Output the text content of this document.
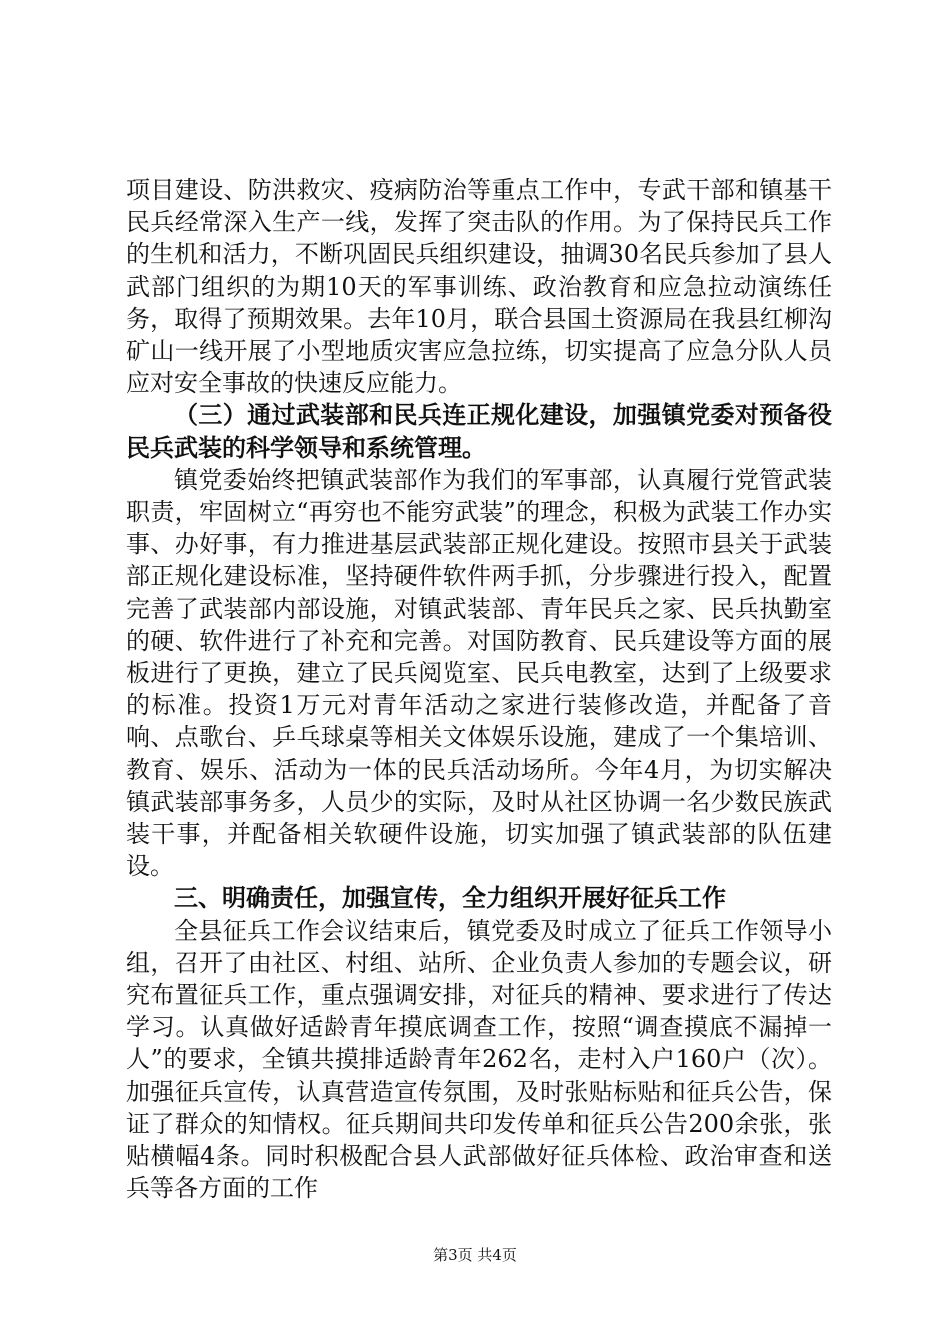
项目建设、防洪救灾、疫病防治等重点工作中，专武干部和镇基干民兵经常深入生产一线，发挥了突击队的作用。为了保持民兵工作的生机和活力，不断巩固民兵组织建设，抽调30名民兵参加了县人武部门组织的为期10天的军事训练、政治教育和应急拉动演练任务，取得了预期效果。去年10月，联合县国土资源局在我县红柳沟矿山一线开展了小型地质灾害应急拉练，切实提高了应急分队人员应对安全事故的快速反应能力。

（三）通过武装部和民兵连正规化建设，加强镇党委对预备役民兵武装的科学领导和系统管理。

镇党委始终把镇武装部作为我们的军事部，认真履行党管武装职责，牢固树立“再穷也不能穷武装”的理念，积极为武装工作办实事、办好事，有力推进基层武装部正规化建设。按照市县关于武装部正规化建设标准，坚持硬件软件两手抓，分步骤进行投入，配置完善了武装部内部设施，对镇武装部、青年民兵之家、民兵执勤室的硬、软件进行了补充和完善。对国防教育、民兵建设等方面的展板进行了更换，建立了民兵阅览室、民兵电教室，达到了上级要求的标准。投资1万元对青年活动之家进行装修改造，并配备了音响、点歌台、乒乓球桌等相关文体娱乐设施，建成了一个集培训、教育、娱乐、活动为一体的民兵活动场所。今年4月，为切实解决镇武装部事务多，人员少的实际，及时从社区协调一名少数民族武装干事，并配备相关软硬件设施，切实加强了镇武装部的队伍建设。

三、明确责任，加强宣传，全力组织开展好征兵工作

全县征兵工作会议结束后，镇党委及时成立了征兵工作领导小组，召开了由社区、村组、站所、企业负责人参加的专题会议，研究布置征兵工作，重点强调安排，对征兵的精神、要求进行了传达学习。认真做好适龄青年摸底调查工作，按照“调查摸底不漏掉一人”的要求，全镇共摸排适龄青年262名，走村入户160户（次）。加强征兵宣传，认真营造宣传氛围，及时张贴标贴和征兵公告，保证了群众的知情权。征兵期间共印发传单和征兵公告200余张，张贴横幅4条。同时积极配合县人武部做好征兵体检、政治审查和送兵等各方面的工作

第3页 共4页
